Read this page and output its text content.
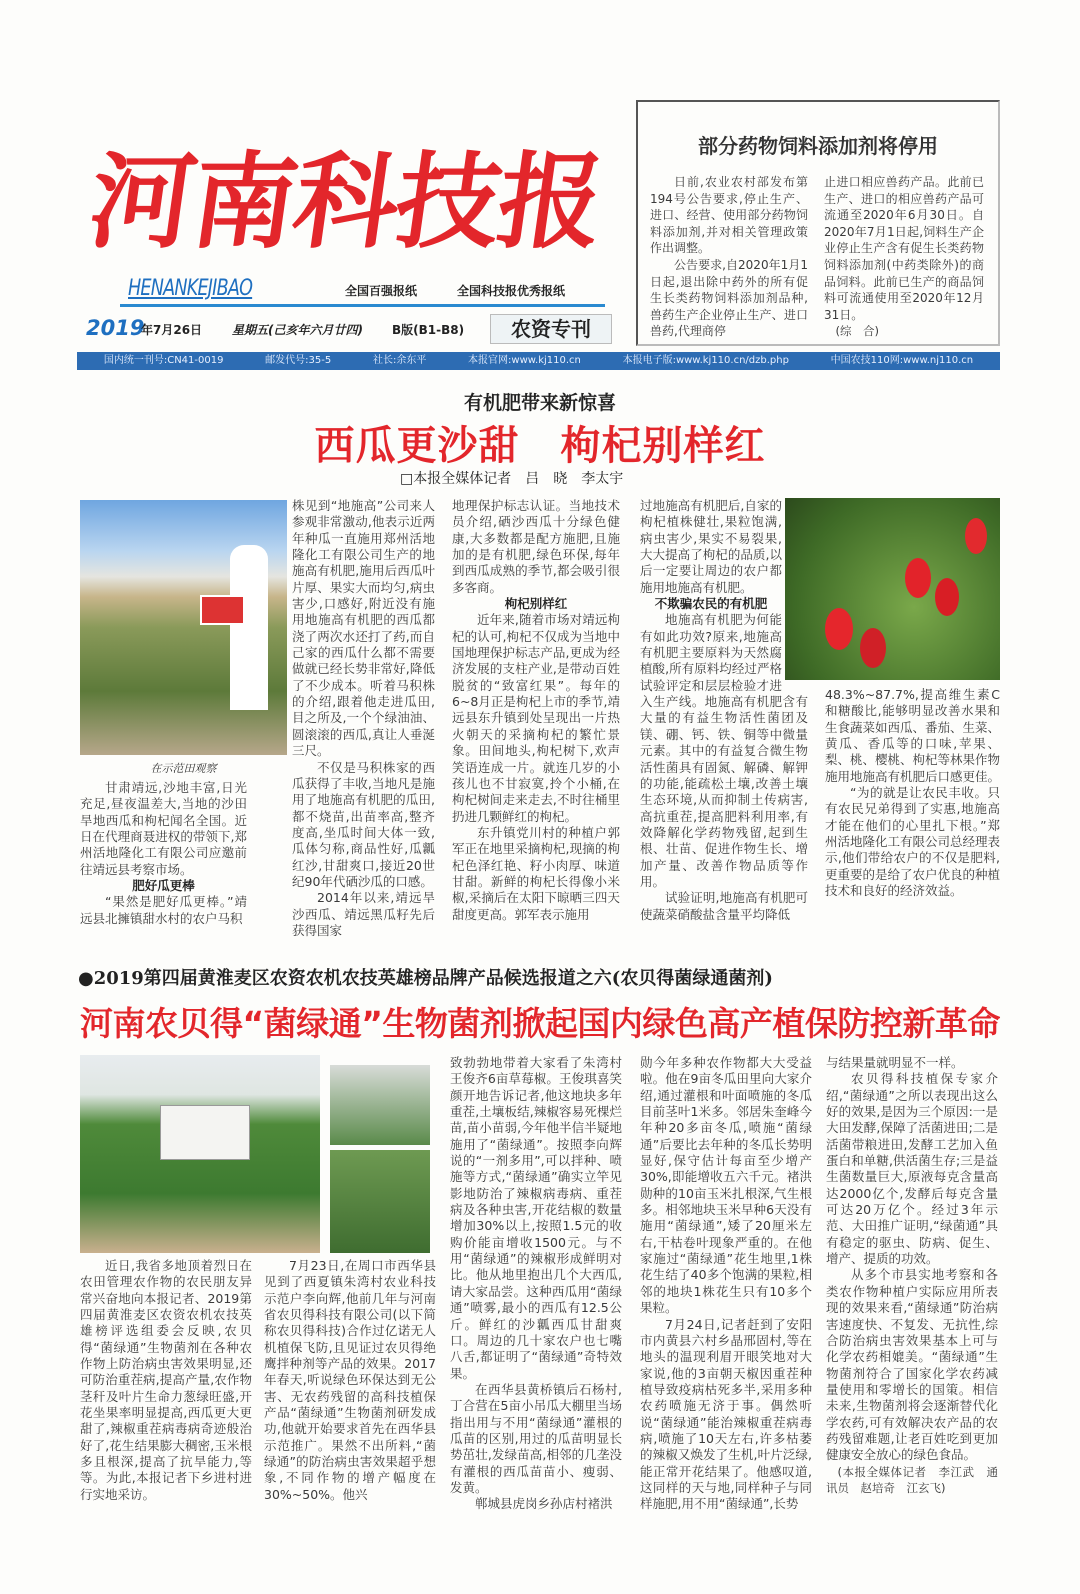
河南科技报
HENANKEJIBAO	全国百强报纸	全国科技报优秀报纸
2019
年7月26日 星期五(己亥年六月廿四) B版(B1-B8)	农资专刊
部分药物饲料添加剂将停用

日前,农业农村部发布第194号公告要求,停止生产、进口、经营、使用部分药物饲料添加剂,并对相关管理政策作出调整。

公告要求,自2020年1月1日起,退出除中药外的所有促生长类药物饲料添加剂品种,兽药生产企业停止生产、进口兽药,代理商停

止进口相应兽药产品。此前已生产、进口的相应兽药产品可流通至2020年6月30日。自2020年7月1日起,饲料生产企业停止生产含有促生长类药物饲料添加剂(中药类除外)的商品饲料。此前已生产的商品饲料可流通使用至2020年12月31日。

(综　合)

国内统一刊号:CN41-0019	邮发代号:35-5	社长:余东平	本报官网:www.kj110.cn	本报电子版:www.kj110.cn/dzb.php	中国农技110网:www.nj110.cn
有机肥带来新惊喜
西瓜更沙甜　枸杞别样红
□本报全媒体记者　吕　晓　李太宇
在示范田观察

甘肃靖远,沙地丰富,日光充足,昼夜温差大,当地的沙田旱地西瓜和枸杞闻名全国。近日在代理商聂进权的带领下,郑州活地隆化工有限公司应邀前往靖远县考察市场。

肥好瓜更棒

“果然是肥好瓜更棒。”靖远县北擁镇甜水村的农户马积

株见到“地施高”公司来人参观非常激动,他表示近两年种瓜一直施用郑州活地隆化工有限公司生产的地施高有机肥,施用后西瓜叶片厚、果实大而均匀,病虫害少,口感好,附近没有施用地施高有机肥的西瓜都浇了两次水还打了药,而自己家的西瓜什么都不需要做就已经长势非常好,降低了不少成本。听着马积株的介绍,跟着他走进瓜田,目之所及,一个个绿油油、圆滚滚的西瓜,真让人垂涎三尺。

不仅是马积株家的西瓜获得了丰收,当地凡是施用了地施高有机肥的瓜田,都不烧苗,出苗率高,整齐度高,坐瓜时间大体一致,瓜体匀称,商品性好,瓜瓤红沙,甘甜爽口,接近20世纪90年代硒沙瓜的口感。

2014年以来,靖远旱沙西瓜、靖远黑瓜籽先后获得国家

地理保护标志认证。当地技术员介绍,硒沙西瓜十分绿色健康,大多数都是配方施肥,且施加的是有机肥,绿色环保,每年到西瓜成熟的季节,都会吸引很多客商。

枸杞别样红

近年来,随着市场对靖远枸杞的认可,枸杞不仅成为当地中国地理保护标志产品,更成为经济发展的支柱产业,是带动百姓脱贫的“致富红果”。每年的6~8月正是枸杞上市的季节,靖远县东升镇到处呈现出一片热火朝天的采摘枸杞的繁忙景象。田间地头,枸杞树下,欢声笑语连成一片。就连几岁的小孩儿也不甘寂寞,拎个小桶,在枸杞树间走来走去,不时往桶里扔进几颗鲜红的枸杞。

东升镇党川村的种植户郭军正在地里采摘枸杞,现摘的枸杞色泽红艳、籽小肉厚、味道甘甜。新鲜的枸杞长得像小米椒,采摘后在太阳下晾晒三四天甜度更高。郭军表示施用

过地施高有机肥后,自家的枸杞植株健壮,果粒饱满,病虫害少,果实不易裂果,大大提高了枸杞的品质,以后一定要让周边的农户都施用地施高有机肥。

不欺骗农民的有机肥

地施高有机肥为何能有如此功效?原来,地施高有机肥主要原料为天然腐植酸,所有原料均经过严格试验评定和层层检验才进入生产线。地施高有机肥含有大量的有益生物活性菌团及镁、硼、钙、铁、铜等中微量元素。其中的有益复合微生物活性菌具有固氮、解磷、解钾的功能,能疏松土壤,改善土壤生态环境,从而抑制土传病害,高抗重茬,提高肥料利用率,有效降解化学药物残留,起到生根、壮苗、促进作物生长、增加产量、改善作物品质等作用。

试验证明,地施高有机肥可使蔬菜硝酸盐含量平均降低

48.3%~87.7%,提高维生素C和糖酸比,能够明显改善水果和生食蔬菜如西瓜、番茄、生菜、黄瓜、香瓜等的口味,苹果、梨、桃、樱桃、枸杞等林果作物施用地施高有机肥后口感更佳。

“为的就是让农民丰收。只有农民兄弟得到了实惠,地施高才能在他们的心里扎下根。”郑州活地隆化工有限公司总经理表示,他们带给农户的不仅是肥料,更重要的是给了农户优良的种植技术和良好的经济效益。

●2019第四届黄淮麦区农资农机农技英雄榜品牌产品候选报道之六(农贝得菌绿通菌剂)
河南农贝得“菌绿通”生物菌剂掀起国内绿色高产植保防控新革命

近日,我省多地顶着烈日在农田管理农作物的农民朋友异常兴奋地向本报记者、2019第四届黄淮麦区农资农机农技英雄榜评选组委会反映,农贝得“菌绿通”生物菌剂在各种农作物上防治病虫害效果明显,还可防治重茬病,提高产量,农作物茎秆及叶片生命力葱绿旺盛,开花坐果率明显提高,西瓜更大更甜了,辣椒重茬病毒病奇迹般治好了,花生结果膨大稠密,玉米根多且根深,提高了抗旱能力,等等。为此,本报记者下乡进村进行实地采访。

7月23日,在周口市西华县见到了西夏镇朱湾村农业科技示范户李向辉,他前几年与河南省农贝得科技有限公司(以下简称农贝得科技)合作过亿诺无人机植保飞防,且见证过农贝得绝鹰拌种剂等产品的效果。2017年春天,听说绿色环保达到无公害、无农药残留的高科技植保产品“菌绿通”生物菌剂研发成功,他就开始要求首先在西华县示范推广。果然不出所料,“菌绿通”的防治病虫害效果超乎想象,不同作物的增产幅度在30%~50%。他兴

致勃勃地带着大家看了朱湾村王俊齐6亩草莓椒。王俊琪喜笑颜开地告诉记者,他这地块多年重茬,土壤板结,辣椒容易死棵烂苗,苗小苗弱,今年他半信半疑地施用了“菌绿通”。按照李向辉说的“一剂多用”,可以拌种、喷施等方式,“菌绿通”确实立竿见影地防治了辣椒病毒病、重茬病及各种虫害,开花结椒的数量增加30%以上,按照1.5元的收购价能亩增收1500元。与不用“菌绿通”的辣椒形成鲜明对比。他从地里抱出几个大西瓜,请大家品尝。这种西瓜用“菌绿通”喷雾,最小的西瓜有12.5公斤。鲜红的沙瓤西瓜甘甜爽口。周边的几十家农户也七嘴八舌,都证明了“菌绿通”奇特效果。

在西华县黄桥镇后石杨村,丁合营在5亩小吊瓜大棚里当场指出用与不用“菌绿通”灌根的瓜苗的区别,用过的瓜苗明显长势茁壮,发绿苗高,相邻的几垄没有灌根的西瓜苗苗小、瘦弱、发黄。

郸城县虎岗乡孙店村褚洪

勋今年多种农作物都大大受益啦。他在9亩冬瓜田里向大家介绍,通过灌根和叶面喷施的冬瓜目前茎叶1米多。邻居朱奎峰今年种20多亩冬瓜,喷施“菌绿通”后要比去年种的冬瓜长势明显好,保守估计每亩至少增产30%,即能增收五六千元。褚洪勋种的10亩玉米扎根深,气生根多。相邻地块玉米早种6天没有施用“菌绿通”,矮了20厘米左右,干枯卷叶现象严重的。在他家施过“菌绿通”花生地里,1株花生结了40多个饱满的果粒,相邻的地块1株花生只有10多个果粒。

7月24日,记者赶到了安阳市内黄县六村乡晶邢固村,等在地头的温现利眉开眼笑地对大家说,他的3亩朝天椒因重茬种植导致疫病枯死多半,采用多种农药喷施无济于事。偶然听说“菌绿通”能治辣椒重茬病毒病,喷施了10天左右,许多枯萎的辣椒又焕发了生机,叶片泛绿,能正常开花结果了。他感叹道,这同样的天与地,同样种子与同样施肥,用不用“菌绿通”,长势

与结果量就明显不一样。

农贝得科技植保专家介绍,“菌绿通”之所以表现出这么好的效果,是因为三个原因:一是大田发酵,保障了活菌进田;二是活菌带粮进田,发酵工艺加入鱼蛋白和单糖,供活菌生存;三是益生菌数量巨大,原液每克含量高达2000亿个,发酵后每克含量可达20万亿个。经过3年示范、大田推广证明,“绿菌通”具有稳定的驱虫、防病、促生、增产、提质的功效。

从多个市县实地考察和各类农作物种植户实际应用所表现的效果来看,“菌绿通”防治病害速度快、不复发、无抗性,综合防治病虫害效果基本上可与化学农药相媲美。“菌绿通”生物菌剂符合了国家化学农药减量使用和零增长的国策。相信未来,生物菌剂将会逐渐替代化学农药,可有效解决农产品的农药残留难题,让老百姓吃到更加健康安全放心的绿色食品。

(本报全媒体记者　李江武　通讯员　赵培奇　江玄飞)
